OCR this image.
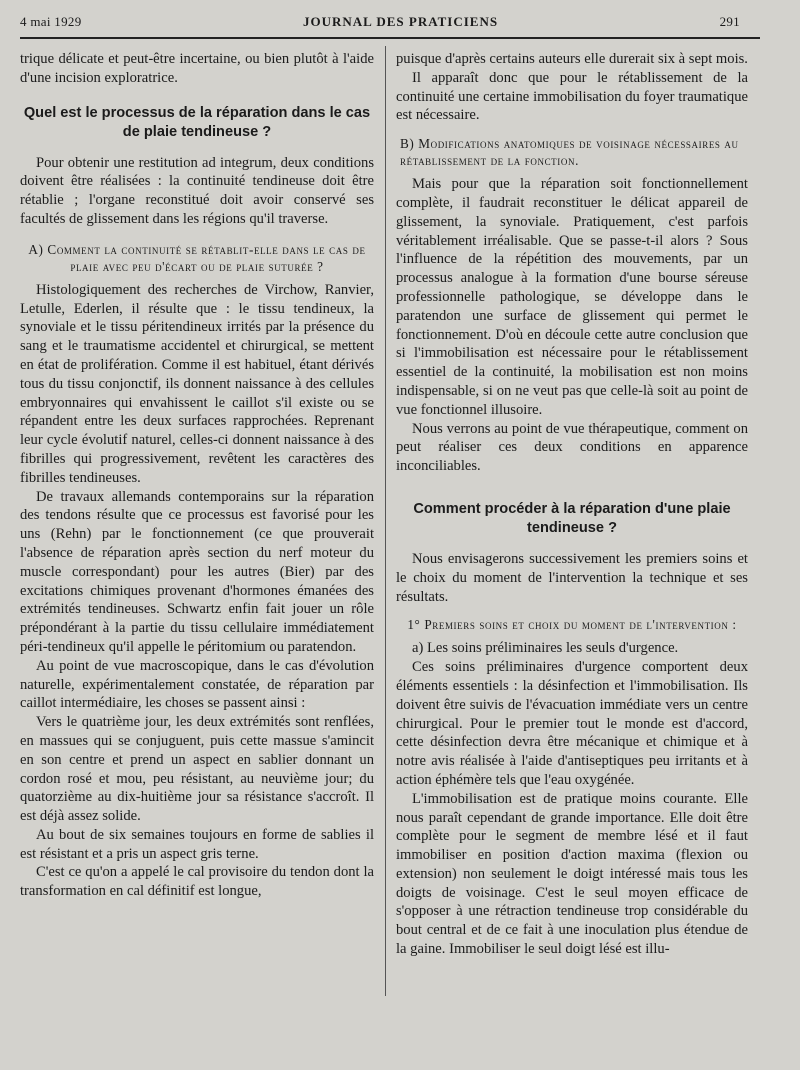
4 mai 1929	JOURNAL DES PRATICIENS	291

trique délicate et peut-être incertaine, ou bien plutôt à l'aide d'une incision exploratrice.

Quel est le processus de la réparation dans le cas de plaie tendineuse ?

Pour obtenir une restitution ad integrum, deux conditions doivent être réalisées : la continuité tendineuse doit être rétablie ; l'organe reconstitué doit avoir conservé ses facultés de glissement dans les régions qu'il traverse.

A) Comment la continuité se rétablit-elle dans le cas de plaie avec peu d'écart ou de plaie suturée ?

Histologiquement des recherches de Virchow, Ranvier, Letulle, Ederlen, il résulte que : le tissu tendineux, la synoviale et le tissu péritendineux irrités par la présence du sang et le traumatisme accidentel et chirurgical, se mettent en état de prolifération. Comme il est habituel, étant dérivés tous du tissu conjonctif, ils donnent naissance à des cellules embryonnaires qui envahissent le caillot s'il existe ou se répandent entre les deux surfaces rapprochées. Reprenant leur cycle évolutif naturel, celles-ci donnent naissance à des fibrilles qui progressivement, revêtent les caractères des fibrilles tendineuses.

De travaux allemands contemporains sur la réparation des tendons résulte que ce processus est favorisé pour les uns (Rehn) par le fonctionnement (ce que prouverait l'absence de réparation après section du nerf moteur du muscle correspondant) pour les autres (Bier) par des excitations chimiques provenant d'hormones émanées des extrémités tendineuses. Schwartz enfin fait jouer un rôle prépondérant à la partie du tissu cellulaire immédiatement péri-tendineux qu'il appelle le péritomium ou paratendon.

Au point de vue macroscopique, dans le cas d'évolution naturelle, expérimentalement constatée, de réparation par caillot intermédiaire, les choses se passent ainsi :

Vers le quatrième jour, les deux extrémités sont renflées, en massues qui se conjuguent, puis cette massue s'amincit en son centre et prend un aspect en sablier donnant un cordon rosé et mou, peu résistant, au neuvième jour; du quatorzième au dix-huitième jour sa résistance s'accroît. Il est déjà assez solide.

Au bout de six semaines toujours en forme de sablies il est résistant et a pris un aspect gris terne.

C'est ce qu'on a appelé le cal provisoire du tendon dont la transformation en cal définitif est longue,

puisque d'après certains auteurs elle durerait six à sept mois.

Il apparaît donc que pour le rétablissement de la continuité une certaine immobilisation du foyer traumatique est nécessaire.

B) Modifications anatomiques de voisinage nécessaires au rétablissement de la fonction.

Mais pour que la réparation soit fonctionnellement complète, il faudrait reconstituer le délicat appareil de glissement, la synoviale. Pratiquement, c'est parfois véritablement irréalisable. Que se passe-t-il alors ? Sous l'influence de la répétition des mouvements, par un processus analogue à la formation d'une bourse séreuse professionnelle pathologique, se développe dans le paratendon une surface de glissement qui permet le fonctionnement. D'où en découle cette autre conclusion que si l'immobilisation est nécessaire pour le rétablissement essentiel de la continuité, la mobilisation est non moins indispensable, si on ne veut pas que celle-là soit au point de vue fonctionnel illusoire.

Nous verrons au point de vue thérapeutique, comment on peut réaliser ces deux conditions en apparence inconciliables.

Comment procéder à la réparation d'une plaie tendineuse ?

Nous envisagerons successivement les premiers soins et le choix du moment de l'intervention la technique et ses résultats.

1° Premiers soins et choix du moment de l'intervention :

a) Les soins préliminaires les seuls d'urgence.

Ces soins préliminaires d'urgence comportent deux éléments essentiels : la désinfection et l'immobilisation. Ils doivent être suivis de l'évacuation immédiate vers un centre chirurgical. Pour le premier tout le monde est d'accord, cette désinfection devra être mécanique et chimique et à notre avis réalisée à l'aide d'antiseptiques peu irritants et à action éphémère tels que l'eau oxygénée.

L'immobilisation est de pratique moins courante. Elle nous paraît cependant de grande importance. Elle doit être complète pour le segment de membre lésé et il faut immobiliser en position d'action maxima (flexion ou extension) non seulement le doigt intéressé mais tous les doigts de voisinage. C'est le seul moyen efficace de s'opposer à une rétraction tendineuse trop considérable du bout central et de ce fait à une inoculation plus étendue de la gaine. Immobiliser le seul doigt lésé est illu-
